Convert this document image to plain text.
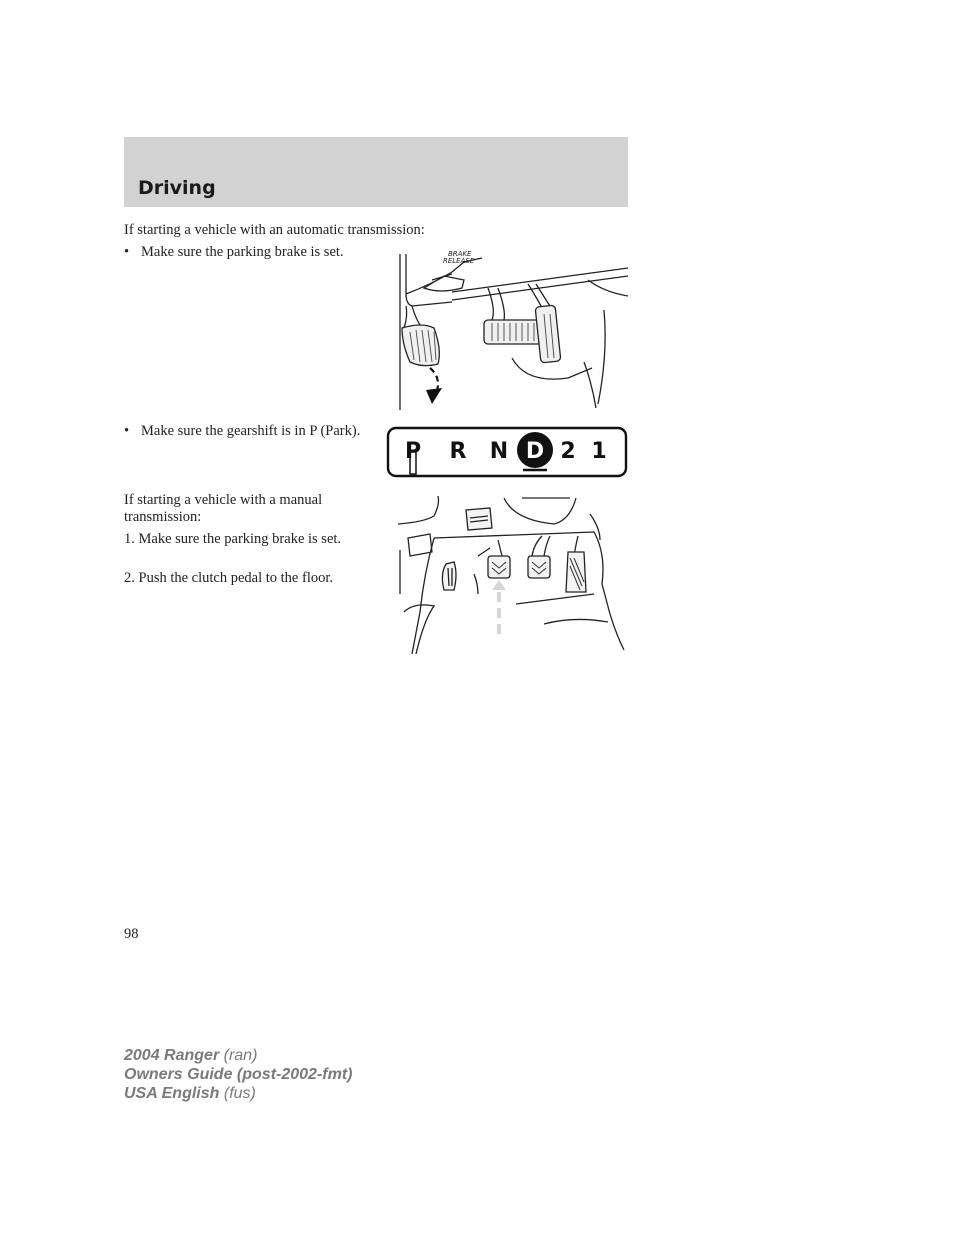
Driving

If starting a vehicle with an automatic transmission:

• Make sure the parking brake is set.
• Make sure the gearshift is in P (Park).

If starting a vehicle with a manual transmission:

1. Make sure the parking brake is set.

2. Push the clutch pedal to the floor.

BRAKE
RELEASE
P R N D 2 1
98
2004 Ranger (ran)
Owners Guide (post-2002-fmt)
USA English (fus)
